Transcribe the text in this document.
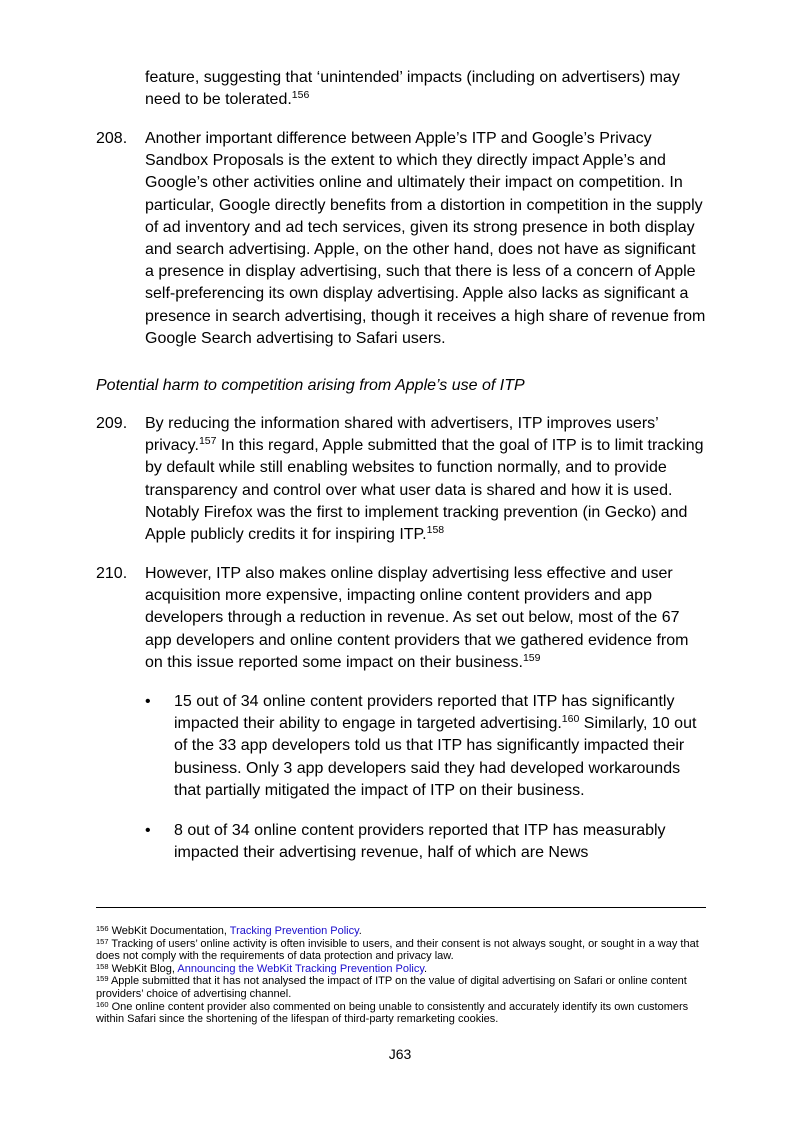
feature, suggesting that ‘unintended’ impacts (including on advertisers) may need to be tolerated.$^{156}$
208. Another important difference between Apple’s ITP and Google’s Privacy Sandbox Proposals is the extent to which they directly impact Apple’s and Google’s other activities online and ultimately their impact on competition. In particular, Google directly benefits from a distortion in competition in the supply of ad inventory and ad tech services, given its strong presence in both display and search advertising. Apple, on the other hand, does not have as significant a presence in display advertising, such that there is less of a concern of Apple self-preferencing its own display advertising. Apple also lacks as significant a presence in search advertising, though it receives a high share of revenue from Google Search advertising to Safari users.
Potential harm to competition arising from Apple’s use of ITP
209. By reducing the information shared with advertisers, ITP improves users’ privacy.$^{157}$ In this regard, Apple submitted that the goal of ITP is to limit tracking by default while still enabling websites to function normally, and to provide transparency and control over what user data is shared and how it is used. Notably Firefox was the first to implement tracking prevention (in Gecko) and Apple publicly credits it for inspiring ITP.$^{158}$
210. However, ITP also makes online display advertising less effective and user acquisition more expensive, impacting online content providers and app developers through a reduction in revenue. As set out below, most of the 67 app developers and online content providers that we gathered evidence from on this issue reported some impact on their business.$^{159}$
• 15 out of 34 online content providers reported that ITP has significantly impacted their ability to engage in targeted advertising.$^{160}$ Similarly, 10 out of the 33 app developers told us that ITP has significantly impacted their business. Only 3 app developers said they had developed workarounds that partially mitigated the impact of ITP on their business.
• 8 out of 34 online content providers reported that ITP has measurably impacted their advertising revenue, half of which are News
$^{156}$ WebKit Documentation, Tracking Prevention Policy.
$^{157}$ Tracking of users’ online activity is often invisible to users, and their consent is not always sought, or sought in a way that does not comply with the requirements of data protection and privacy law.
$^{158}$ WebKit Blog, Announcing the WebKit Tracking Prevention Policy.
$^{159}$ Apple submitted that it has not analysed the impact of ITP on the value of digital advertising on Safari or online content providers’ choice of advertising channel.
$^{160}$ One online content provider also commented on being unable to consistently and accurately identify its own customers within Safari since the shortening of the lifespan of third-party remarketing cookies.
J63
